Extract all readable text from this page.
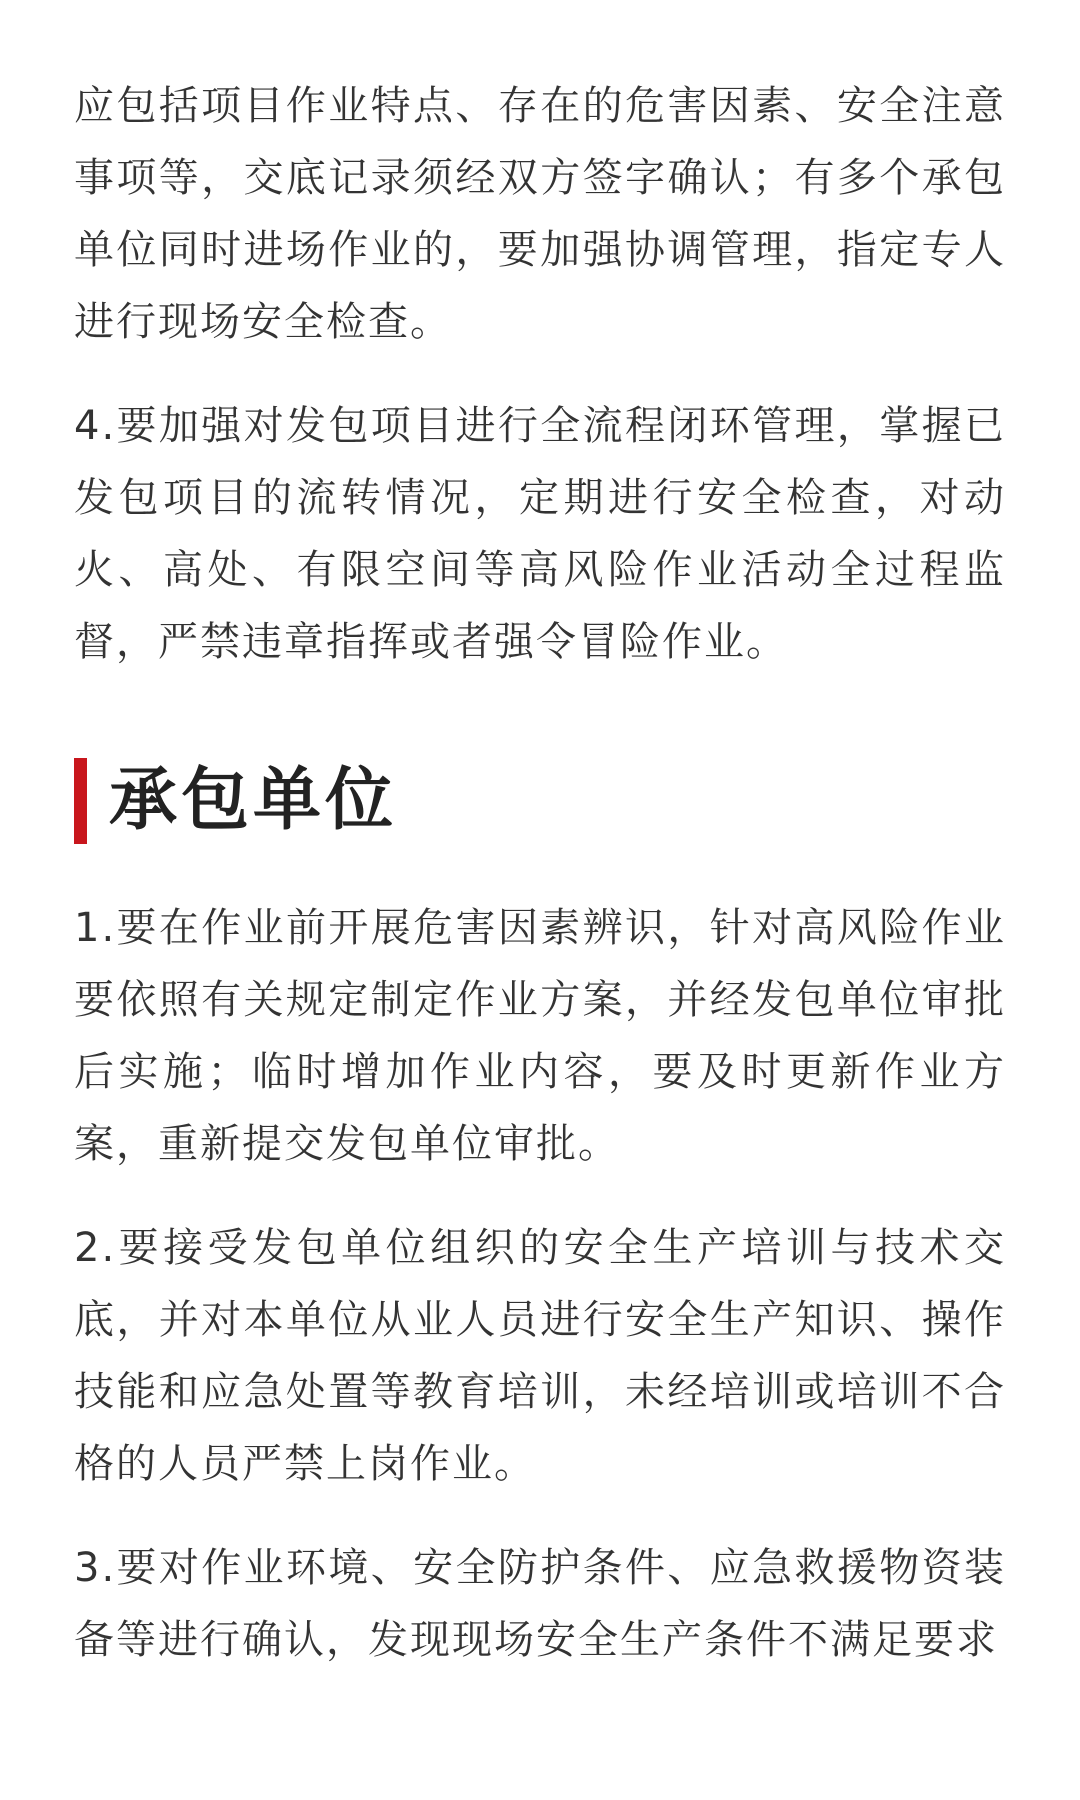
应包括项目作业特点、存在的危害因素、安全注意事项等，交底记录须经双方签字确认；有多个承包单位同时进场作业的，要加强协调管理，指定专人进行现场安全检查。

4.要加强对发包项目进行全流程闭环管理，掌握已发包项目的流转情况，定期进行安全检查，对动火、高处、有限空间等高风险作业活动全过程监督，严禁违章指挥或者强令冒险作业。

承包单位

1.要在作业前开展危害因素辨识，针对高风险作业要依照有关规定制定作业方案，并经发包单位审批后实施；临时增加作业内容，要及时更新作业方案，重新提交发包单位审批。

2.要接受发包单位组织的安全生产培训与技术交底，并对本单位从业人员进行安全生产知识、操作技能和应急处置等教育培训，未经培训或培训不合格的人员严禁上岗作业。

3.要对作业环境、安全防护条件、应急救援物资装备等进行确认，发现现场安全生产条件不满足要求
